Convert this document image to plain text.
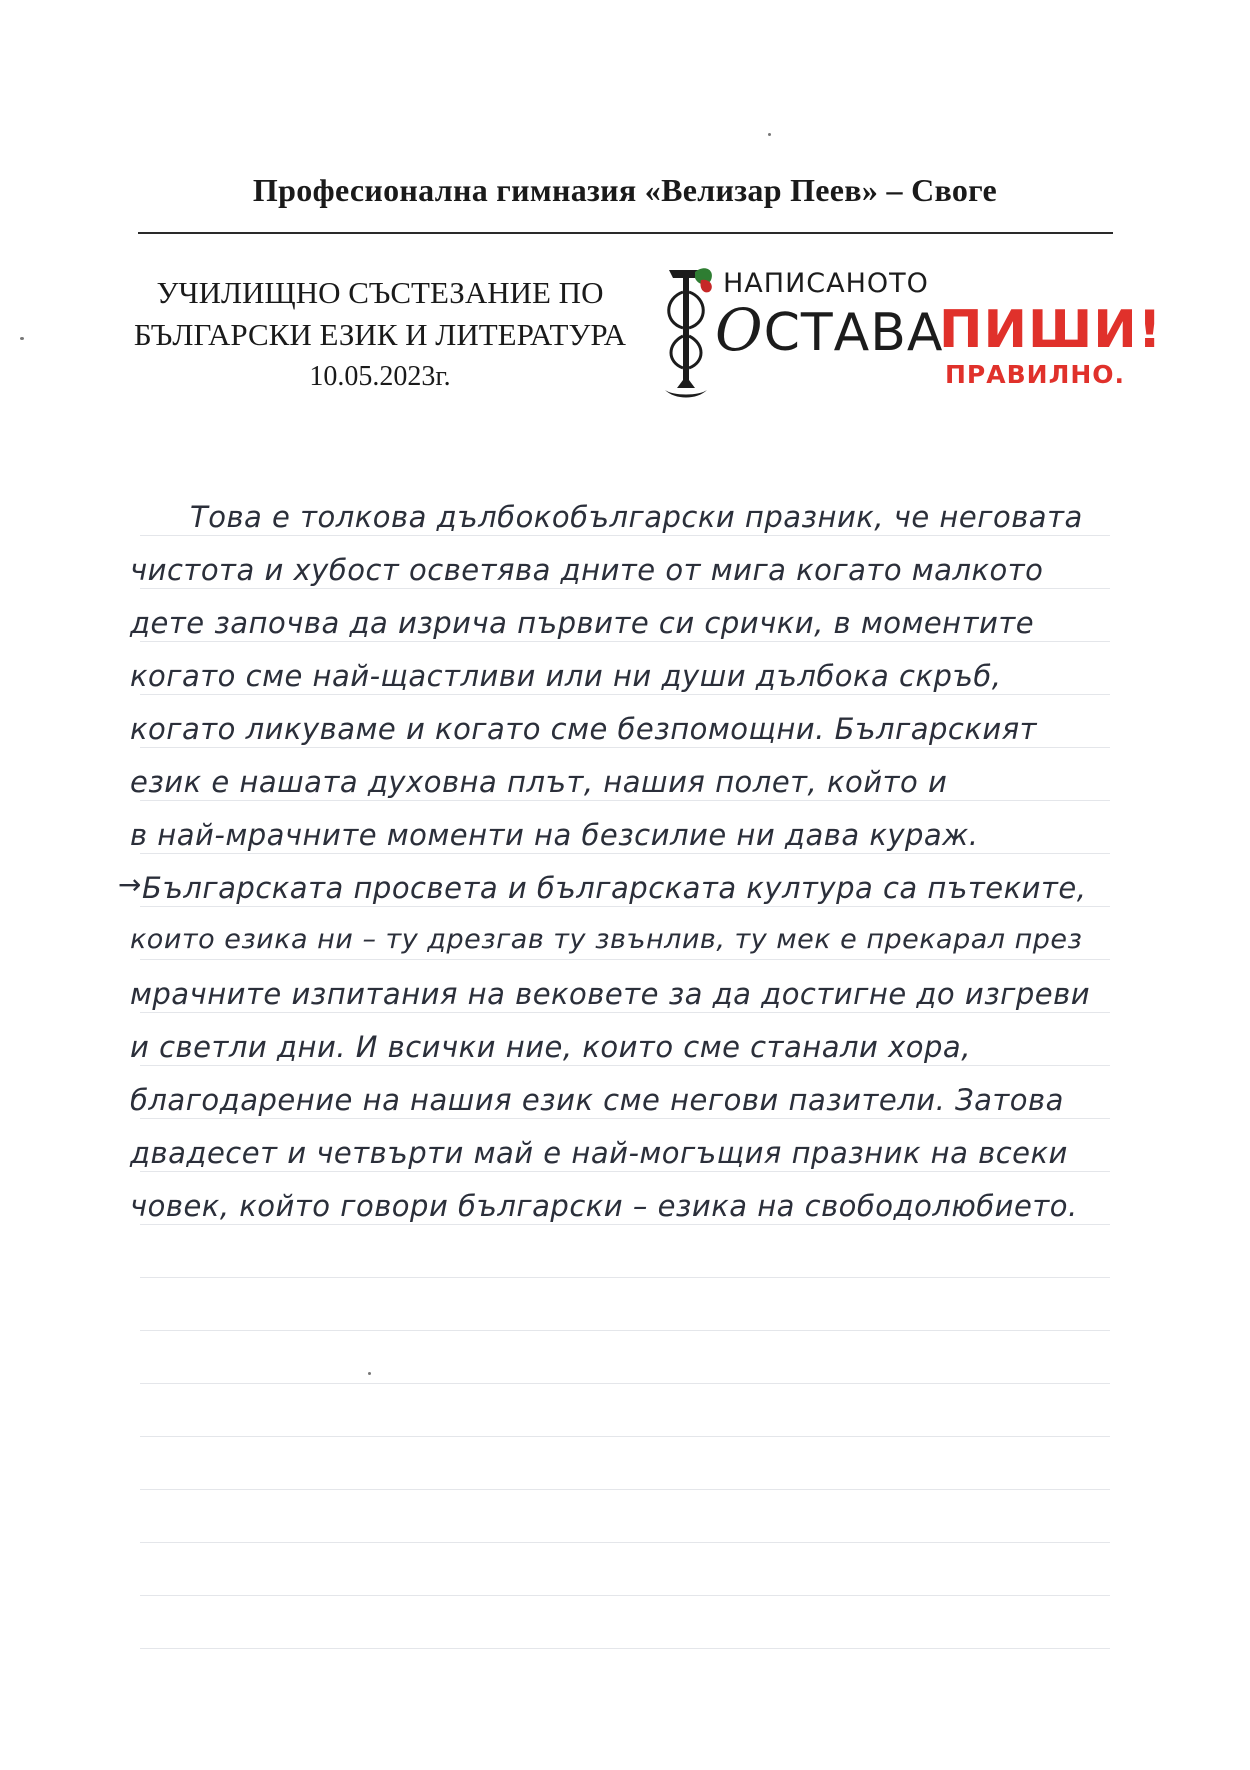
Професионална гимназия «Велизар Пеев» – Своге
УЧИЛИЩНО СЪСТЕЗАНИЕ ПО
БЪЛГАРСКИ ЕЗИК И ЛИТЕРАТУРА
10.05.2023г.
НАПИСАНОТО
ОСТАВА
ПИШИ!
ПРАВИЛНО.
→
Това е толкова дълбокобългарски празник, че неговата
чистота и хубост осветява дните от мига когато малкото
дете започва да изрича първите си срички, в моментите
когато сме най-щастливи или ни души дълбока скръб,
когато ликуваме и когато сме безпомощни. Българският
език е нашата духовна плът, нашия полет, който и
в най-мрачните моменти на безсилие ни дава кураж.
Българската просвета и българската култура са пътеките,
които езика ни – ту дрезгав ту звънлив, ту мек е прекарал през
мрачните изпитания на вековете за да достигне до изгреви
и светли дни. И всички ние, които сме станали хора,
благодарение на нашия език сме негови пазители. Затова
двадесет и четвърти май е най-могъщия празник на всеки
човек, който говори български – езика на свободолюбието.
